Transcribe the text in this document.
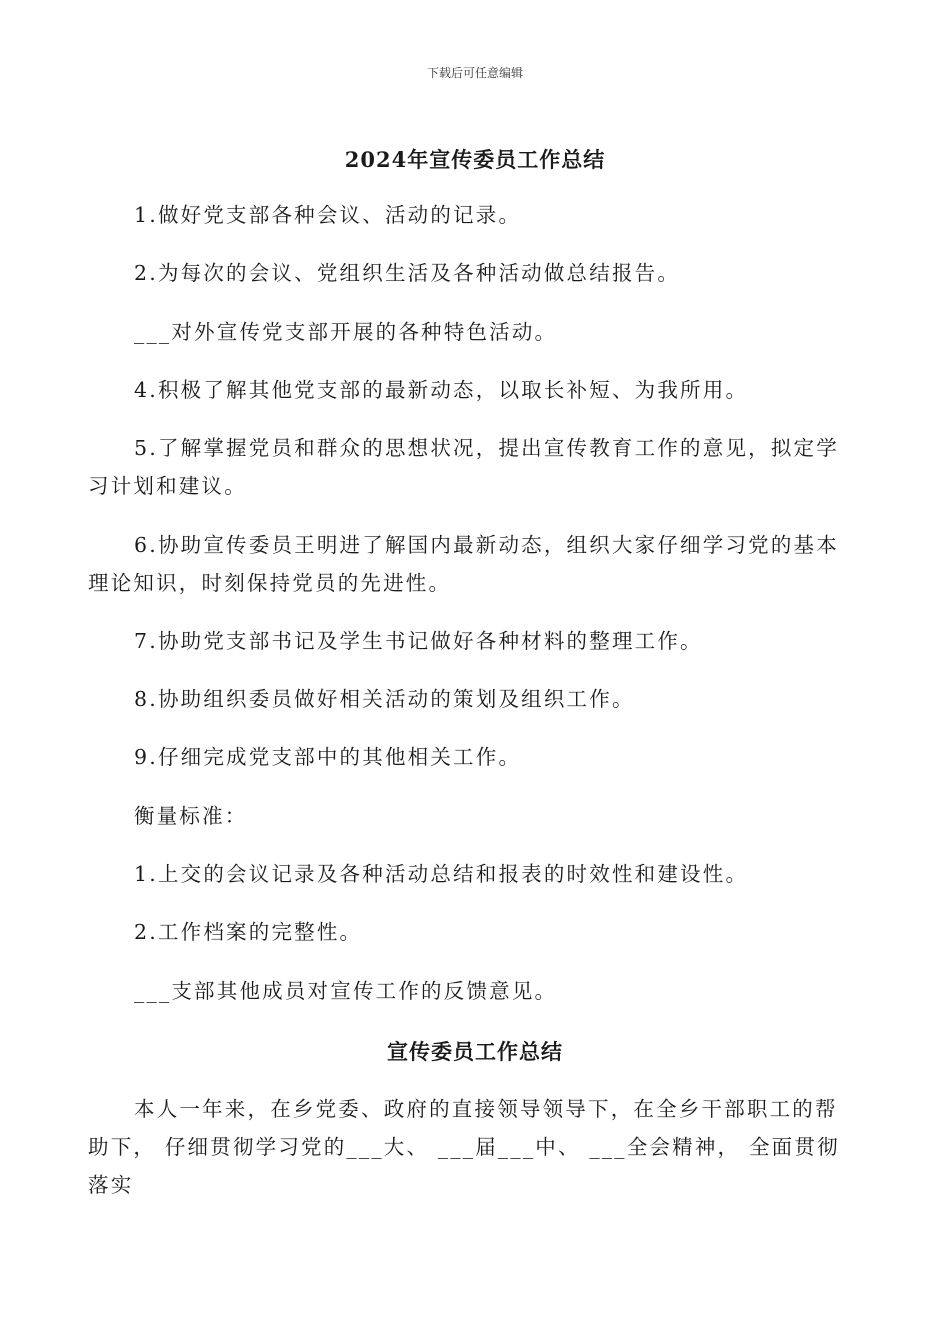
下载后可任意编辑
2024年宣传委员工作总结
1.做好党支部各种会议、活动的记录。
2.为每次的会议、党组织生活及各种活动做总结报告。
___对外宣传党支部开展的各种特色活动。
4.积极了解其他党支部的最新动态，以取长补短、为我所用。
5.了解掌握党员和群众的思想状况，提出宣传教育工作的意见，拟定学习计划和建议。
6.协助宣传委员王明进了解国内最新动态，组织大家仔细学习党的基本理论知识，时刻保持党员的先进性。
7.协助党支部书记及学生书记做好各种材料的整理工作。
8.协助组织委员做好相关活动的策划及组织工作。
9.仔细完成党支部中的其他相关工作。
衡量标准：
1.上交的会议记录及各种活动总结和报表的时效性和建设性。
2.工作档案的完整性。
___支部其他成员对宣传工作的反馈意见。
宣传委员工作总结
本人一年来，在乡党委、政府的直接领导领导下，在全乡干部职工的帮助下， 仔细贯彻学习党的___大、 ___届___中、 ___全会精神， 全面贯彻落实
